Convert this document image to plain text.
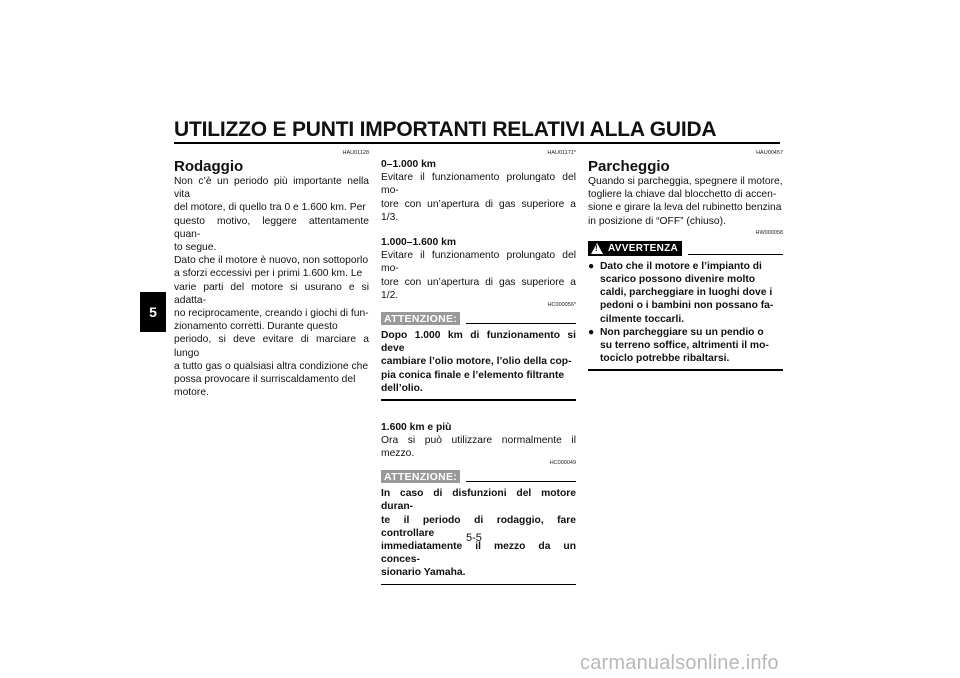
UTILIZZO E PUNTI IMPORTANTI RELATIVI ALLA GUIDA
5
HAU01128
Rodaggio

Non c’è un periodo più importante nella vita

del motore, di quello tra 0 e 1.600 km. Per

questo motivo, leggere attentamente quan-

to segue.

Dato che il motore è nuovo, non sottoporlo

a sforzi eccessivi per i primi 1.600 km. Le

varie parti del motore si usurano e si adatta-

no reciprocamente, creando i giochi di fun-

zionamento corretti. Durante questo

periodo, si deve evitare di marciare a lungo

a tutto gas o qualsiasi altra condizione che

possa provocare il surriscaldamento del

motore.

HAU01171*

0–1.000 km

Evitare il funzionamento prolungato del mo-

tore con un’apertura di gas superiore a 1/3.

1.000–1.600 km

Evitare il funzionamento prolungato del mo-

tore con un’apertura di gas superiore a 1/2.

HC000056*
ATTENZIONE:
Dopo 1.000 km di funzionamento si deve
cambiare l’olio motore, l’olio della cop-
pia conica finale e l’elemento filtrante
dell’olio.

1.600 km e più

Ora si può utilizzare normalmente il mezzo.

HC000049
ATTENZIONE:
In caso di disfunzioni del motore duran-
te il periodo di rodaggio, fare controllare
immediatamente il mezzo da un conces-
sionario Yamaha.
HAU00457
Parcheggio

Quando si parcheggia, spegnere il motore,

togliere la chiave dal blocchetto di accen-

sione e girare la leva del rubinetto benzina

in posizione di “OFF” (chiuso).

HW000058
! AVVERTENZA
● Dato che il motore e l’impianto di
scarico possono divenire molto
caldi, parcheggiare in luoghi dove i
pedoni o i bambini non possano fa-
cilmente toccarli.
● Non parcheggiare su un pendio o
su terreno soffice, altrimenti il mo-
tociclo potrebbe ribaltarsi.
5-5
carmanualsonline.info
